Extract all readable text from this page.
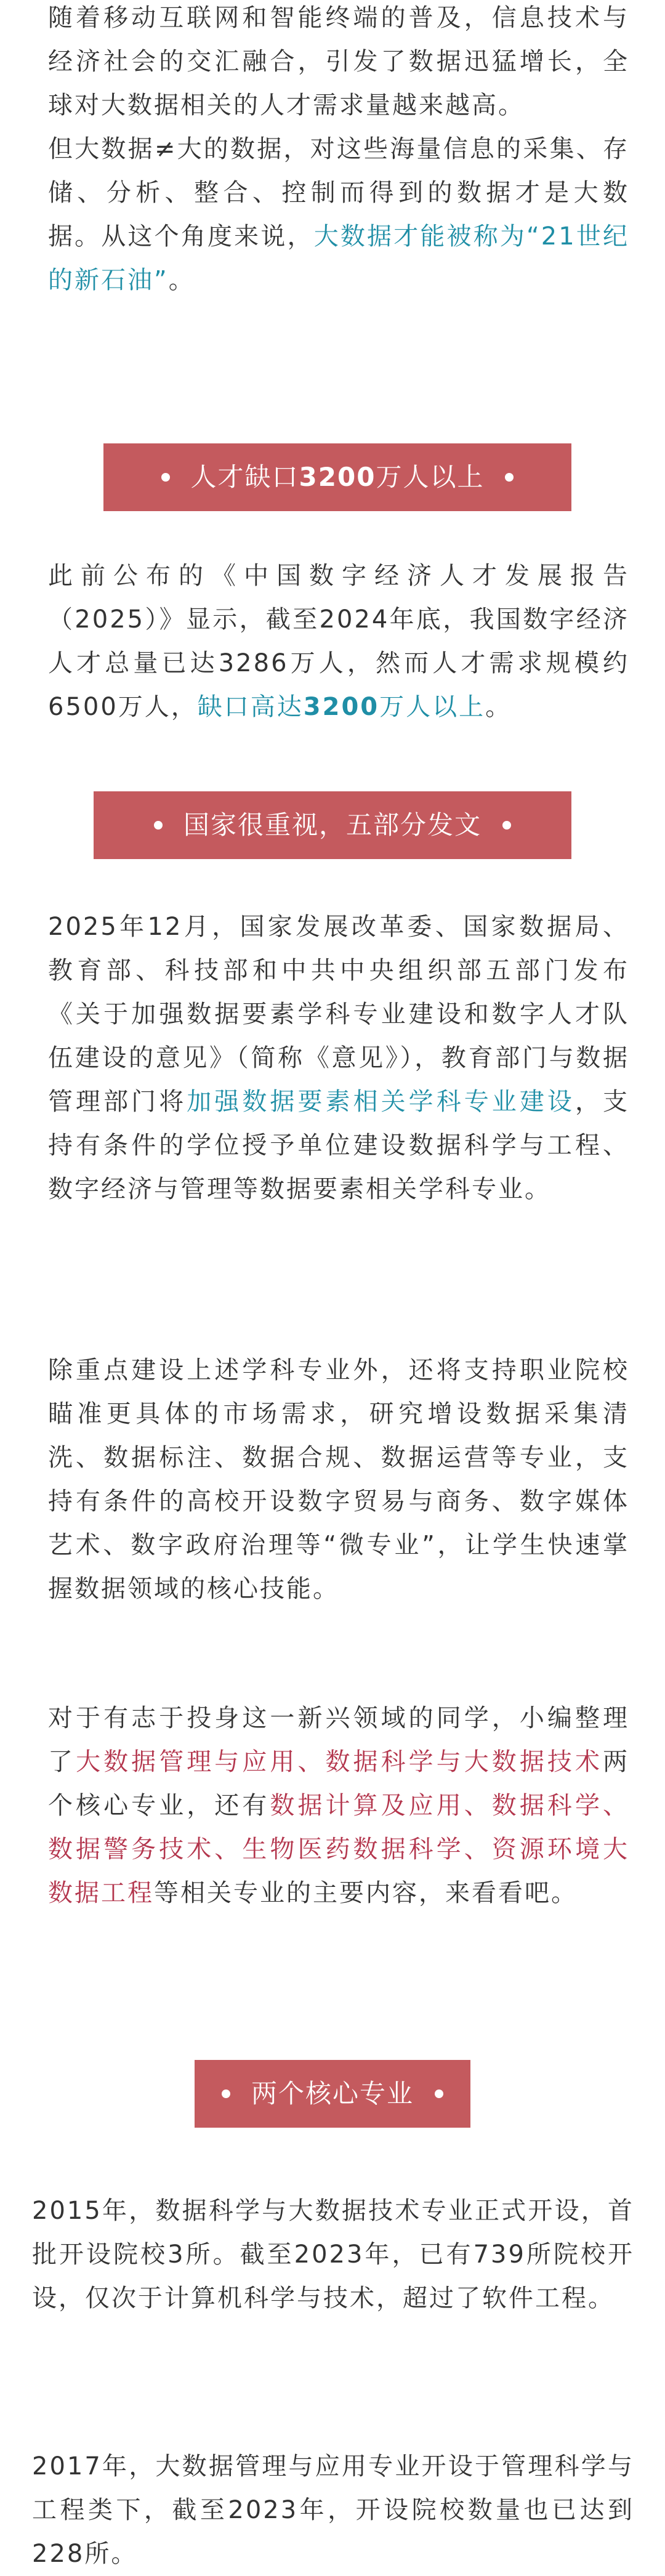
随着移动互联网和智能终端的普及，信息技术与经济社会的交汇融合，引发了数据迅猛增长，全球对大数据相关的人才需求量越来越高。
但大数据≠大的数据，对这些海量信息的采集、存储、分析、整合、控制而得到的数据才是大数据。从这个角度来说，大数据才能被称为“21世纪的新石油”。

人才缺口3200万人以上

此前公布的《中国数字经济人才发展报告（2025）》显示，截至2024年底，我国数字经济人才总量已达3286万人，然而人才需求规模约6500万人，缺口高达3200万人以上。

国家很重视，五部分发文

2025年12月，国家发展改革委、国家数据局、教育部、科技部和中共中央组织部五部门发布《关于加强数据要素学科专业建设和数字人才队伍建设的意见》（简称《意见》），教育部门与数据管理部门将加强数据要素相关学科专业建设，支持有条件的学位授予单位建设数据科学与工程、数字经济与管理等数据要素相关学科专业。

除重点建设上述学科专业外，还将支持职业院校瞄准更具体的市场需求，研究增设数据采集清洗、数据标注、数据合规、数据运营等专业，支持有条件的高校开设数字贸易与商务、数字媒体艺术、数字政府治理等“微专业”，让学生快速掌握数据领域的核心技能。

对于有志于投身这一新兴领域的同学，小编整理了大数据管理与应用、数据科学与大数据技术两个核心专业，还有数据计算及应用、数据科学、数据警务技术、生物医药数据科学、资源环境大数据工程等相关专业的主要内容，来看看吧。

两个核心专业

2015年，数据科学与大数据技术专业正式开设，首批开设院校3所。截至2023年，已有739所院校开设，仅次于计算机科学与技术，超过了软件工程。

2017年，大数据管理与应用专业开设于管理科学与工程类下，截至2023年，开设院校数量也已达到228所。
